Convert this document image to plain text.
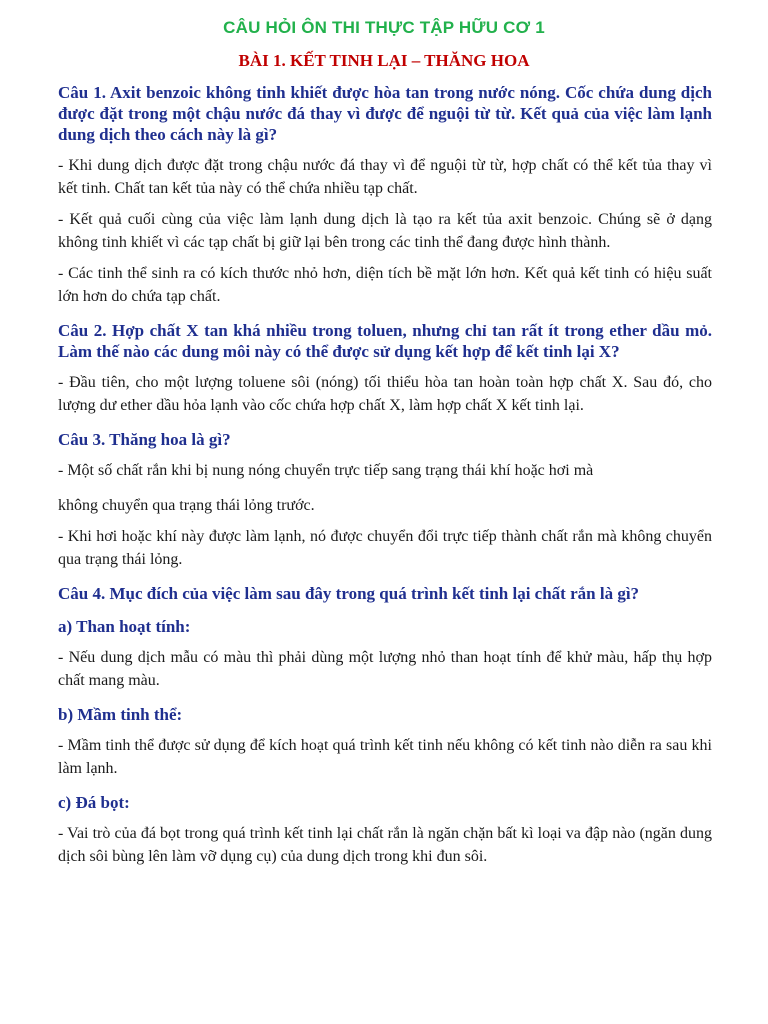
CÂU HỎI ÔN THI THỰC TẬP HỮU CƠ 1
BÀI 1. KẾT TINH LẠI – THĂNG HOA
Câu 1. Axit benzoic không tinh khiết được hòa tan trong nước nóng. Cốc chứa dung dịch được đặt trong một chậu nước đá thay vì được để nguội từ từ. Kết quả của việc làm lạnh dung dịch theo cách này là gì?
- Khi dung dịch được đặt trong chậu nước đá thay vì để nguội từ từ, hợp chất có thể kết tủa thay vì kết tinh. Chất tan kết tủa này có thể chứa nhiều tạp chất.
- Kết quả cuối cùng của việc làm lạnh dung dịch là tạo ra kết tủa axit benzoic. Chúng sẽ ở dạng không tinh khiết vì các tạp chất bị giữ lại bên trong các tinh thể đang được hình thành.
- Các tinh thể sinh ra có kích thước nhỏ hơn, diện tích bề mặt lớn hơn. Kết quả kết tinh có hiệu suất lớn hơn do chứa tạp chất.
Câu 2. Hợp chất X tan khá nhiều trong toluen, nhưng chỉ tan rất ít trong ether dầu mỏ. Làm thế nào các dung môi này có thể được sử dụng kết hợp để kết tinh lại X?
- Đầu tiên, cho một lượng toluene sôi (nóng) tối thiểu hòa tan hoàn toàn hợp chất X. Sau đó, cho lượng dư ether dầu hỏa lạnh vào cốc chứa hợp chất X, làm hợp chất X kết tinh lại.
Câu 3. Thăng hoa là gì?
- Một số chất rắn khi bị nung nóng chuyển trực tiếp sang trạng thái khí hoặc hơi mà
không chuyển qua trạng thái lỏng trước.
- Khi hơi hoặc khí này được làm lạnh, nó được chuyển đổi trực tiếp thành chất rắn mà không chuyển qua trạng thái lỏng.
Câu 4. Mục đích của việc làm sau đây trong quá trình kết tinh lại chất rắn là gì?
a) Than hoạt tính:
- Nếu dung dịch mẫu có màu thì phải dùng một lượng nhỏ than hoạt tính để khử màu, hấp thụ hợp chất mang màu.
b) Mầm tinh thể:
- Mầm tinh thể được sử dụng để kích hoạt quá trình kết tinh nếu không có kết tinh nào diễn ra sau khi làm lạnh.
c) Đá bọt:
- Vai trò của đá bọt trong quá trình kết tinh lại chất rắn là ngăn chặn bất kì loại va đập nào (ngăn dung dịch sôi bùng lên làm vỡ dụng cụ) của dung dịch trong khi đun sôi.
